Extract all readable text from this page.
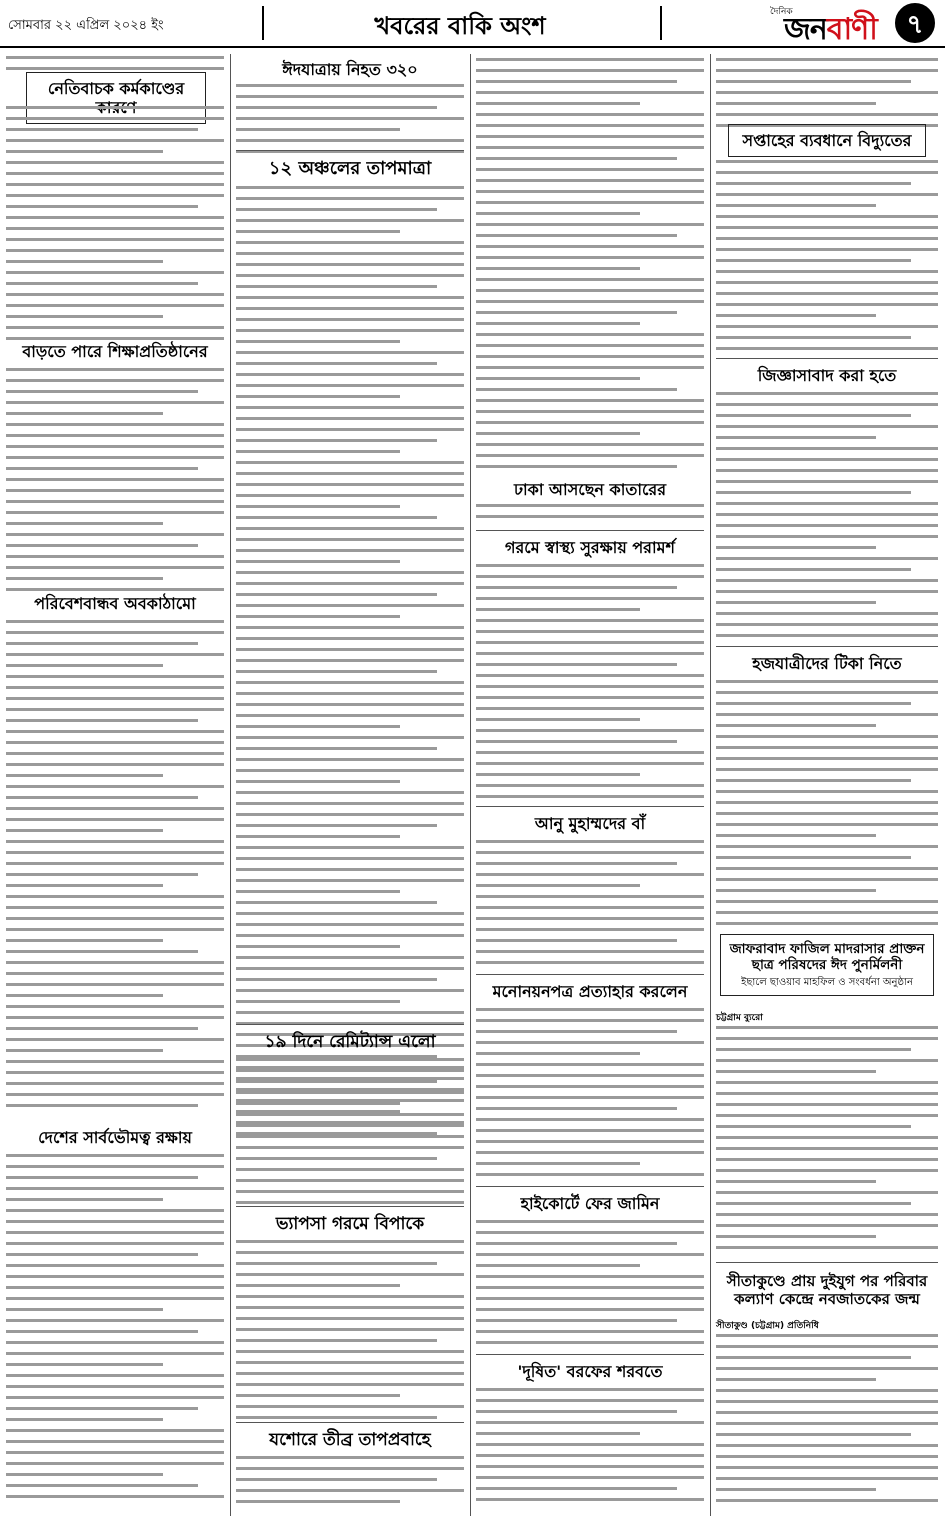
সোমবার ২২ এপ্রিল ২০২৪ ইং	খবরের বাকি অংশ	দৈনিক
জনবাণী	৭
নেতিবাচক কর্মকাণ্ডের
বাড়তে পারে শিক্ষাপ্রতিষ্ঠানের
পরিবেশবান্ধব অবকাঠামো
দেশের সার্বভৌমত্ব রক্ষায়
ঈদযাত্রায় নিহত ৩২০
১২ অঞ্চলের তাপমাত্রা
১৯ দিনে রেমিট্যান্স এলো
ভ্যাপসা গরমে বিপাকে
যশোরে তীব্র তাপপ্রবাহে
ঢাকা আসছেন কাতারের
গরমে স্বাস্থ্য সুরক্ষায় পরামর্শ
আনু মুহাম্মদের বাঁ
মনোনয়নপত্র প্রত্যাহার করলেন
হাইকোর্টে ফের জামিন
'দূষিত' বরফের শরবতে
সপ্তাহের ব্যবধানে বিদ্যুতের
জিজ্ঞাসাবাদ করা হতে
হজযাত্রীদের টিকা নিতে
জাফরাবাদ ফাজিল মাদরাসার প্রাক্তন ছাত্র পরিষদের ঈদ পুনর্মিলনী
ইছালে ছাওয়াব মাহফিল ও সংবর্ধনা অনুষ্ঠান
চট্টগ্রাম ব্যুরো
সীতাকুণ্ডে প্রায় দুইযুগ পর পরিবার কল্যাণ কেন্দ্রে নবজাতকের জন্ম
সীতাকুণ্ড (চট্টগ্রাম) প্রতিনিধি
